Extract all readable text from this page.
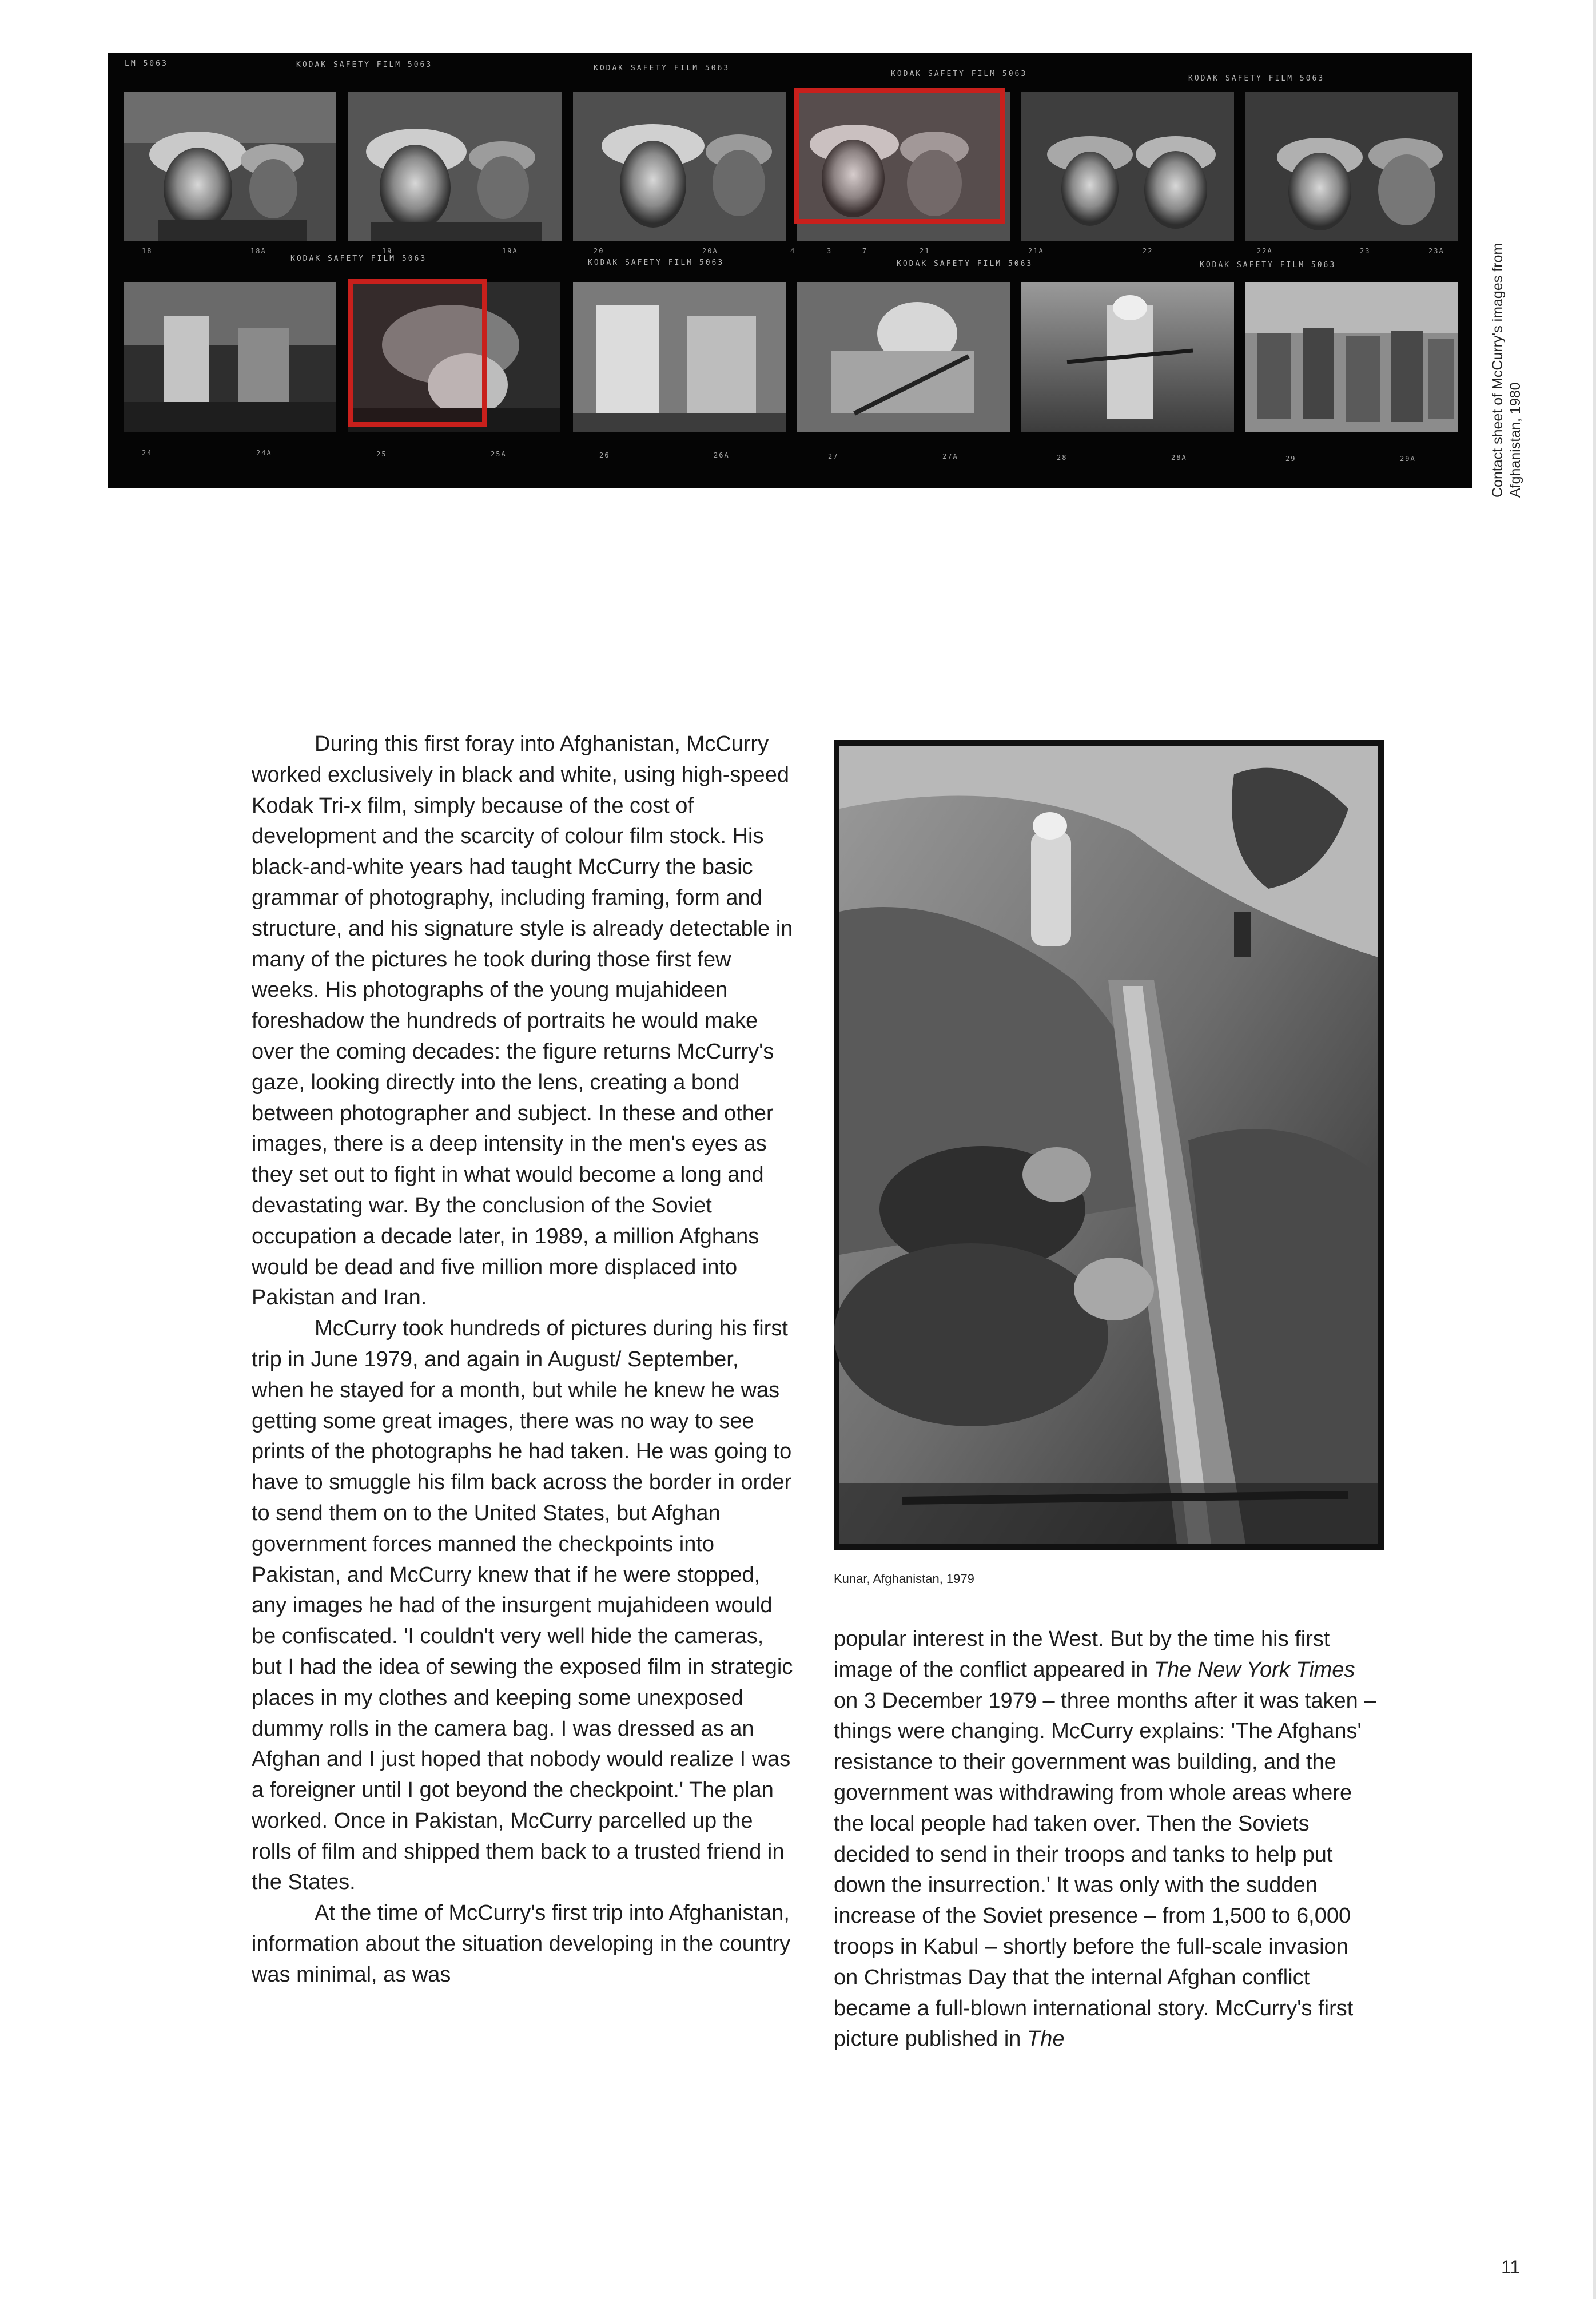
LM 5063	KODAK SAFETY FILM 5063	KODAK SAFETY FILM 5063
KODAK SAFETY FILM 5063
KODAK SAFETY FILM 5063
KODAK SAFETY FILM 5063	KODAK SAFETY FILM 5063	KODAK SAFETY FILM 5063	KODAK SAFETY FILM 5063
18	18A	19	19A	20	20A	4	3	7	21	21A	22	22A	23	23A
24	24A	25	25A	26	26A	27	27A	28	28A	29	29A	Contact sheet of McCurry's images from Afghanistan, 1980

During this first foray into Afghanistan, McCurry worked exclusively in black and white, using high-speed Kodak Tri-x film, simply because of the cost of development and the scarcity of colour film stock. His black-and-white years had taught McCurry the basic grammar of photography, including framing, form and structure, and his signature style is already detectable in many of the pictures he took during those first few weeks. His photographs of the young mujahideen foreshadow the hundreds of portraits he would make over the coming decades: the figure returns McCurry's gaze, looking directly into the lens, creating a bond between photographer and subject. In these and other images, there is a deep intensity in the men's eyes as they set out to fight in what would become a long and devastating war. By the conclusion of the Soviet occupation a decade later, in 1989, a million Afghans would be dead and five million more displaced into Pakistan and Iran.

McCurry took hundreds of pictures during his first trip in June 1979, and again in August/ September, when he stayed for a month, but while he knew he was getting some great images, there was no way to see prints of the photographs he had taken. He was going to have to smuggle his film back across the border in order to send them on to the United States, but Afghan government forces manned the checkpoints into Pakistan, and McCurry knew that if he were stopped, any images he had of the insurgent mujahideen would be confiscated. 'I couldn't very well hide the cameras, but I had the idea of sewing the exposed film in strategic places in my clothes and keeping some unexposed dummy rolls in the camera bag. I was dressed as an Afghan and I just hoped that nobody would realize I was a foreigner until I got beyond the checkpoint.' The plan worked. Once in Pakistan, McCurry parcelled up the rolls of film and shipped them back to a trusted friend in the States.

At the time of McCurry's first trip into Afghanistan, information about the situation developing in the country was minimal, as was

Kunar, Afghanistan, 1979

popular interest in the West. But by the time his first image of the conflict appeared in The New York Times on 3 December 1979 – three months after it was taken – things were changing. McCurry explains: 'The Afghans' resistance to their government was building, and the government was withdrawing from whole areas where the local people had taken over. Then the Soviets decided to send in their troops and tanks to help put down the insurrection.' It was only with the sudden increase of the Soviet presence – from 1,500 to 6,000 troops in Kabul – shortly before the full-scale invasion on Christmas Day that the internal Afghan conflict became a full-blown international story. McCurry's first picture published in The

11
